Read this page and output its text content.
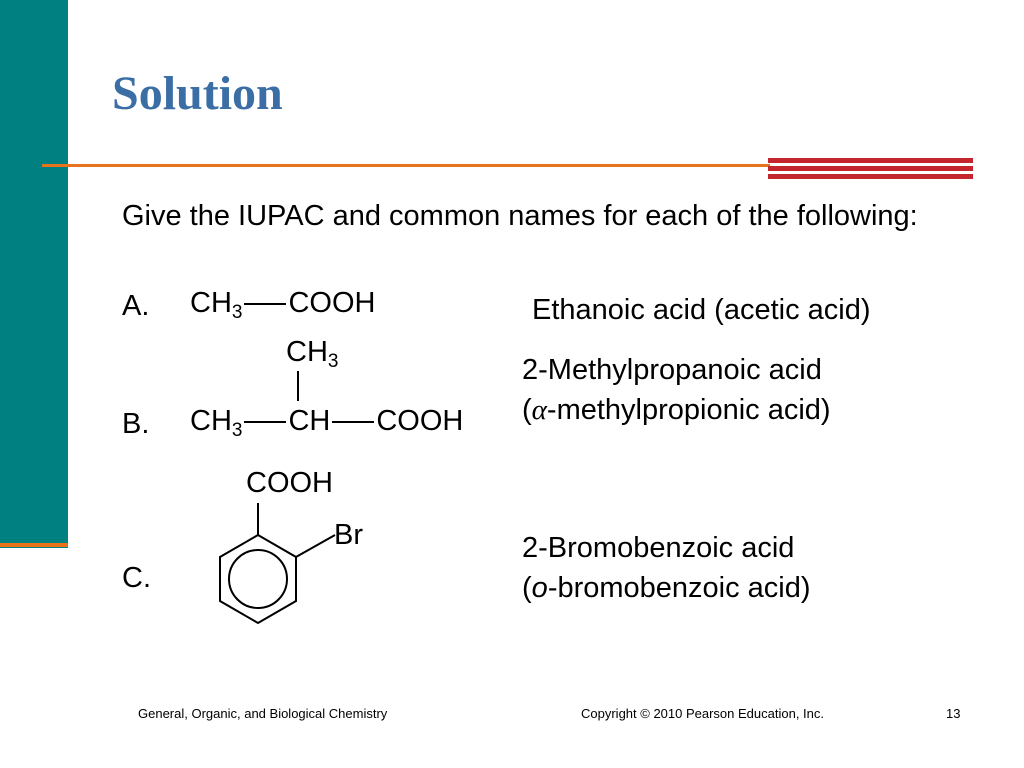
Solution

Give the IUPAC and common names for each of the following:

A. $CH_3$ COOH	Ethanoic acid (acetic acid)
$CH_3$
B. $CH_3$ CH COOH
2-Methylpropanoic acid
(α-methylpropionic acid)
COOH
Br
C.
2-Bromobenzoic acid
(o-bromobenzoic acid)
General, Organic, and Biological Chemistry	Copyright © 2010 Pearson Education, Inc.	13
